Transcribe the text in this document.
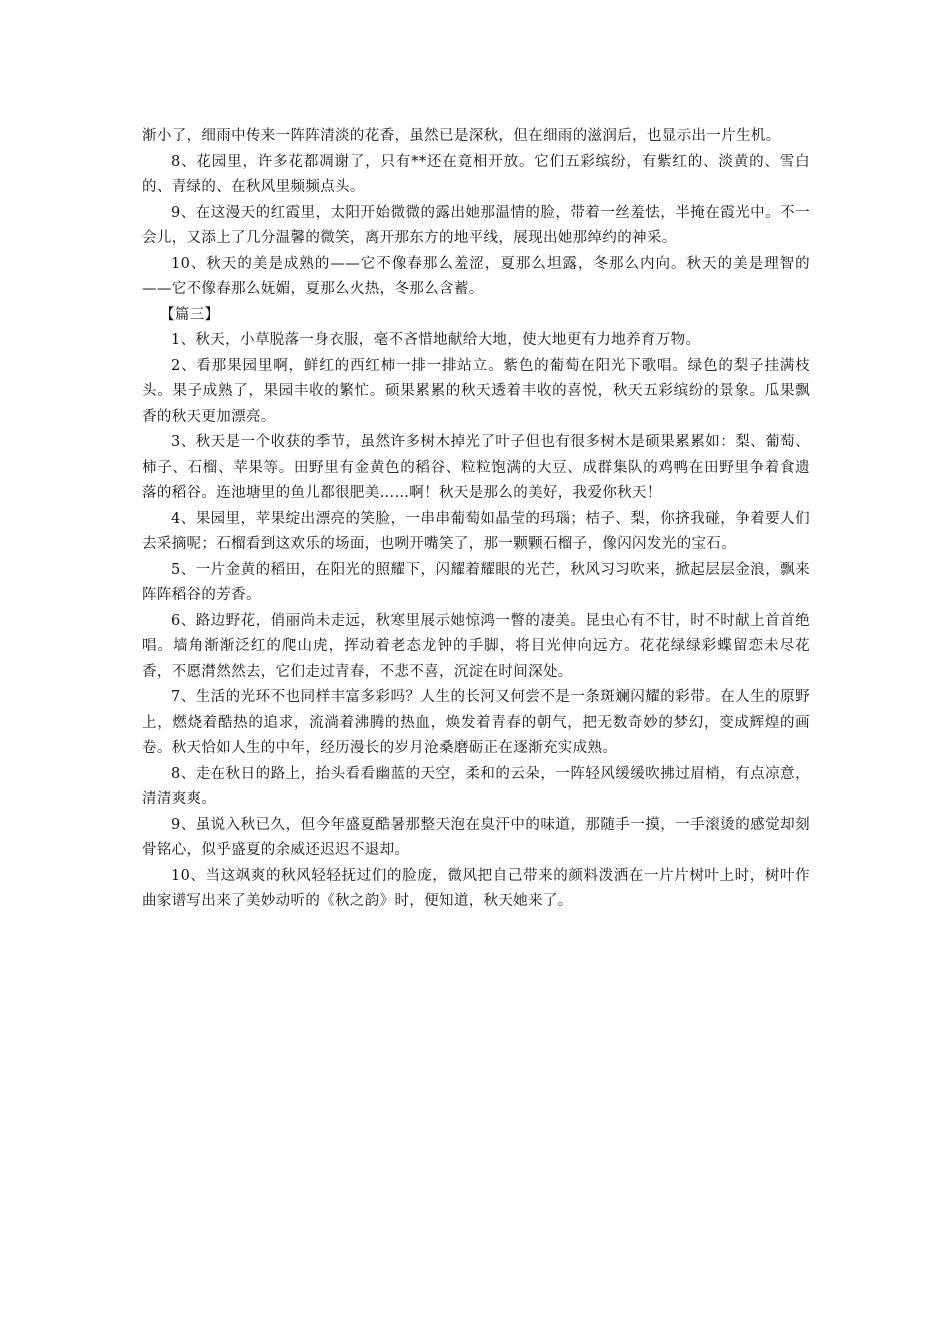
渐小了，细雨中传来一阵阵清淡的花香，虽然已是深秋，但在细雨的滋润后，也显示出一片生机。

8、花园里，许多花都凋谢了，只有**还在竟相开放。它们五彩缤纷，有紫红的、淡黄的、雪白的、青绿的、在秋风里频频点头。

9、在这漫天的红霞里，太阳开始微微的露出她那温情的脸，带着一丝羞怯，半掩在霞光中。不一会儿，又添上了几分温馨的微笑，离开那东方的地平线，展现出她那绰约的神采。

10、秋天的美是成熟的——它不像春那么羞涩，夏那么坦露，冬那么内向。秋天的美是理智的——它不像春那么妩媚，夏那么火热，冬那么含蓄。

【篇三】

1、秋天，小草脱落一身衣服，毫不吝惜地献给大地，使大地更有力地养育万物。

2、看那果园里啊，鲜红的西红柿一排一排站立。紫色的葡萄在阳光下歌唱。绿色的梨子挂满枝头。果子成熟了，果园丰收的繁忙。硕果累累的秋天透着丰收的喜悦，秋天五彩缤纷的景象。瓜果飘香的秋天更加漂亮。

3、秋天是一个收获的季节，虽然许多树木掉光了叶子但也有很多树木是硕果累累如：梨、葡萄、柿子、石榴、苹果等。田野里有金黄色的稻谷、粒粒饱满的大豆、成群集队的鸡鸭在田野里争着食遗落的稻谷。连池塘里的鱼儿都很肥美……啊！秋天是那么的美好，我爱你秋天！

4、果园里，苹果绽出漂亮的笑脸，一串串葡萄如晶莹的玛瑙；桔子、梨，你挤我碰，争着要人们去采摘呢；石榴看到这欢乐的场面，也咧开嘴笑了，那一颗颗石榴子，像闪闪发光的宝石。

5、一片金黄的稻田，在阳光的照耀下，闪耀着耀眼的光芒，秋风习习吹来，掀起层层金浪，飘来阵阵稻谷的芳香。

6、路边野花，俏丽尚未走远，秋寒里展示她惊鸿一瞥的凄美。昆虫心有不甘，时不时献上首首绝唱。墙角渐渐泛红的爬山虎，挥动着老态龙钟的手脚，将目光伸向远方。花花绿绿彩蝶留恋未尽花香，不愿潸然然去，它们走过青春，不悲不喜，沉淀在时间深处。

7、生活的光环不也同样丰富多彩吗？人生的长河又何尝不是一条斑斓闪耀的彩带。在人生的原野上，燃烧着酷热的追求，流淌着沸腾的热血，焕发着青春的朝气，把无数奇妙的梦幻，变成辉煌的画卷。秋天恰如人生的中年，经历漫长的岁月沧桑磨砺正在逐渐充实成熟。

8、走在秋日的路上，抬头看看幽蓝的天空，柔和的云朵，一阵轻风缓缓吹拂过眉梢，有点凉意，清清爽爽。

9、虽说入秋已久，但今年盛夏酷暑那整天泡在臭汗中的味道，那随手一摸，一手滚烫的感觉却刻骨铭心，似乎盛夏的余威还迟迟不退却。

10、当这飒爽的秋风轻轻抚过们的脸庞，微风把自己带来的颜料泼洒在一片片树叶上时，树叶作曲家谱写出来了美妙动听的《秋之韵》时，便知道，秋天她来了。
